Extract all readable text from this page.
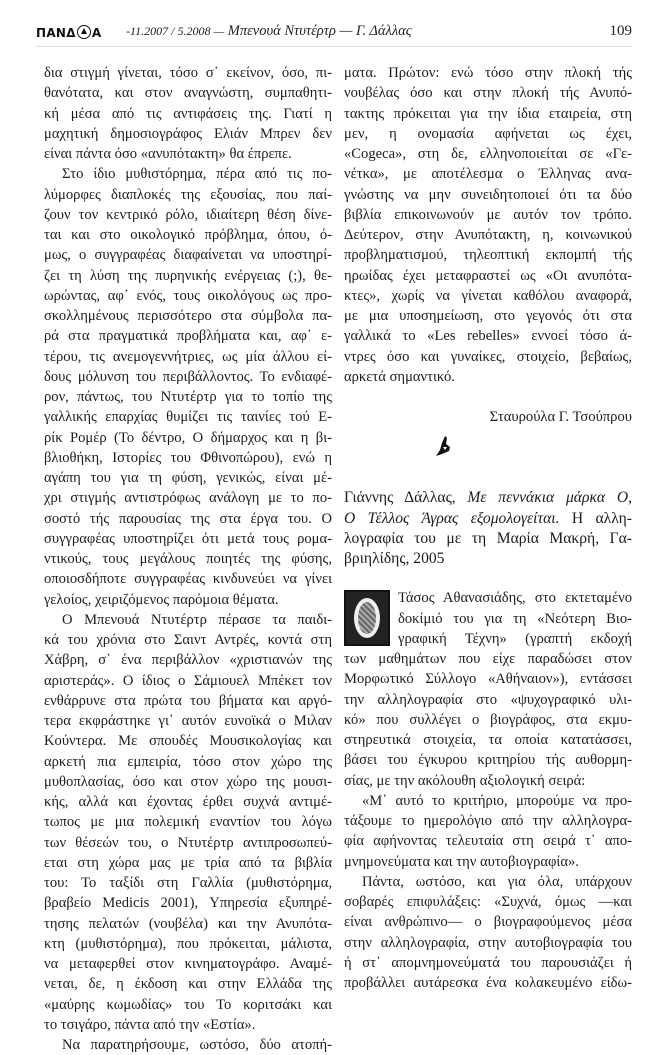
ΠΑΝΔ Α -11.2007 / 5.2008 — Μπενουά Ντυτέρτρ — Γ. Δάλλας	109
δια στιγμή γίνεται, τόσο σ᾽ εκείνον, όσο, πι-
θανότατα, και στον αναγνώστη, συμπαθητι-
κή μέσα από τις αντιφάσεις της. Γιατί η
μαχητική δημοσιογράφος Ελιάν Μπρεν δεν
είναι πάντα όσο «ανυπότακτη» θα έπρεπε.
Στο ίδιο μυθιστόρημα, πέρα από τις πο-
λύμορφες διαπλοκές της εξουσίας, που παί-
ζουν τον κεντρικό ρόλο, ιδιαίτερη θέση δίνε-
ται και στο οικολογικό πρόβλημα, όπου, ό-
μως, ο συγγραφέας διαφαίνεται να υποστηρί-
ζει τη λύση της πυρηνικής ενέργειας (;), θε-
ωρώντας, αφ᾽ ενός, τους οικολόγους ως προ-
σκολλημένους περισσότερο στα σύμβολα πα-
ρά στα πραγματικά προβλήματα και, αφ᾽ ε-
τέρου, τις ανεμογεννήτριες, ως μία άλλου εί-
δους μόλυνση του περιβάλλοντος. Το ενδιαφέ-
ρον, πάντως, του Ντυτέρτρ για το τοπίο της
γαλλικής επαρχίας θυμίζει τις ταινίες τού Ε-
ρίκ Ρομέρ (Το δέντρο, Ο δήμαρχος και η βι-
βλιοθήκη, Ιστορίες του Φθινοπώρου), ενώ η
αγάπη του για τη φύση, γενικώς, είναι μέ-
χρι στιγμής αντιστρόφως ανάλογη με το πο-
σοστό τής παρουσίας της στα έργα του. Ο
συγγραφέας υποστηρίζει ότι μετά τους ρομα-
ντικούς, τους μεγάλους ποιητές της φύσης,
οποιοσδήποτε συγγραφέας κινδυνεύει να γίνει
γελοίος, χειριζόμενος παρόμοια θέματα.
Ο Μπενουά Ντυτέρτρ πέρασε τα παιδι-
κά του χρόνια στο Σαιντ Αντρές, κοντά στη
Χάβρη, σ᾽ ένα περιβάλλον «χριστιανών της
αριστεράς». Ο ίδιος ο Σάμιουελ Μπέκετ τον
ενθάρρυνε στα πρώτα του βήματα και αργό-
τερα εκφράστηκε γι᾽ αυτόν ευνοϊκά ο Μιλαν
Κούντερα. Με σπουδές Μουσικολογίας και
αρκετή πια εμπειρία, τόσο στον χώρο της
μυθοπλασίας, όσο και στον χώρο της μουσι-
κής, αλλά και έχοντας έρθει συχνά αντιμέ-
τωπος με μια πολεμική εναντίον του λόγω
των θέσεών του, ο Ντυτέρτρ αντιπροσωπεύ-
εται στη χώρα μας με τρία από τα βιβλία
του: Το ταξίδι στη Γαλλία (μυθιστόρημα,
βραβείο Medicis 2001), Υπηρεσία εξυπηρέ-
τησης πελατών (νουβέλα) και την Ανυπότα-
κτη (μυθιστόρημα), που πρόκειται, μάλιστα,
να μεταφερθεί στον κινηματογράφο. Αναμέ-
νεται, δε, η έκδοση και στην Ελλάδα της
«μαύρης κωμωδίας» του Το κοριτσάκι και
το τσιγάρο, πάντα από την «Εστία».
Να παρατηρήσουμε, ωστόσο, δύο ατοπή-
ματα. Πρώτον: ενώ τόσο στην πλοκή τής
νουβέλας όσο και στην πλοκή τής Ανυπό-
τακτης πρόκειται για την ίδια εταιρεία, στη
μεν, η ονομασία αφήνεται ως έχει,
«Cogeca», στη δε, ελληνοποιείται σε «Γε-
νέτκα», με αποτέλεσμα ο Έλληνας ανα-
γνώστης να μην συνειδητοποιεί ότι τα δύο
βιβλία επικοινωνούν με αυτόν τον τρόπο.
Δεύτερον, στην Ανυπότακτη, η, κοινωνικού
προβληματισμού, τηλεοπτική εκπομπή τής
ηρωίδας έχει μεταφραστεί ως «Οι ανυπότα-
κτες», χωρίς να γίνεται καθόλου αναφορά,
με μια υποσημείωση, στο γεγονός ότι στα
γαλλικά το «Les rebelles» εννοεί τόσο ά-
ντρες όσο και γυναίκες, στοιχείο, βεβαίως,
αρκετά σημαντικό.
Σταυρούλα Γ. Τσούπρου
Γιάννης Δάλλας, Με πεννάκια μάρκα Ο,
Ο Τέλλος Άγρας εξομολογείται. Η αλλη-
λογραφία του με τη Μαρία Μακρή, Γα-
βριηλίδης, 2005
Τάσος Αθανασιάδης, στο εκτεταμένο
δοκίμιό του για τη «Νεότερη Βιο-
γραφική Τέχνη» (γραπτή εκδοχή
των μαθημάτων που είχε παραδώσει στον
Μορφωτικό Σύλλογο «Αθήναιον»), εντάσσει
την αλληλογραφία στο «ψυχογραφικό υλι-
κό» που συλλέγει ο βιογράφος, στα εκμυ-
στηρευτικά στοιχεία, τα οποία κατατάσσει,
βάσει του έγκυρου κριτηρίου τής αυθορμη-
σίας, με την ακόλουθη αξιολογική σειρά:
«Μ᾽ αυτό το κριτήριο, μπορούμε να προ-
τάξουμε το ημερολόγιο από την αλληλογρα-
φία αφήνοντας τελευταία στη σειρά τ᾽ απο-
μνημονεύματα και την αυτοβιογραφία».
Πάντα, ωστόσο, και για όλα, υπάρχουν
σοβαρές επιφυλάξεις: «Συχνά, όμως —και
είναι ανθρώπινο— ο βιογραφούμενος μέσα
στην αλληλογραφία, στην αυτοβιογραφία του
ή στ᾽ απομνημονεύματά του παρουσιάζει ή
προβάλλει αυτάρεσκα ένα κολακευμένο είδω-
